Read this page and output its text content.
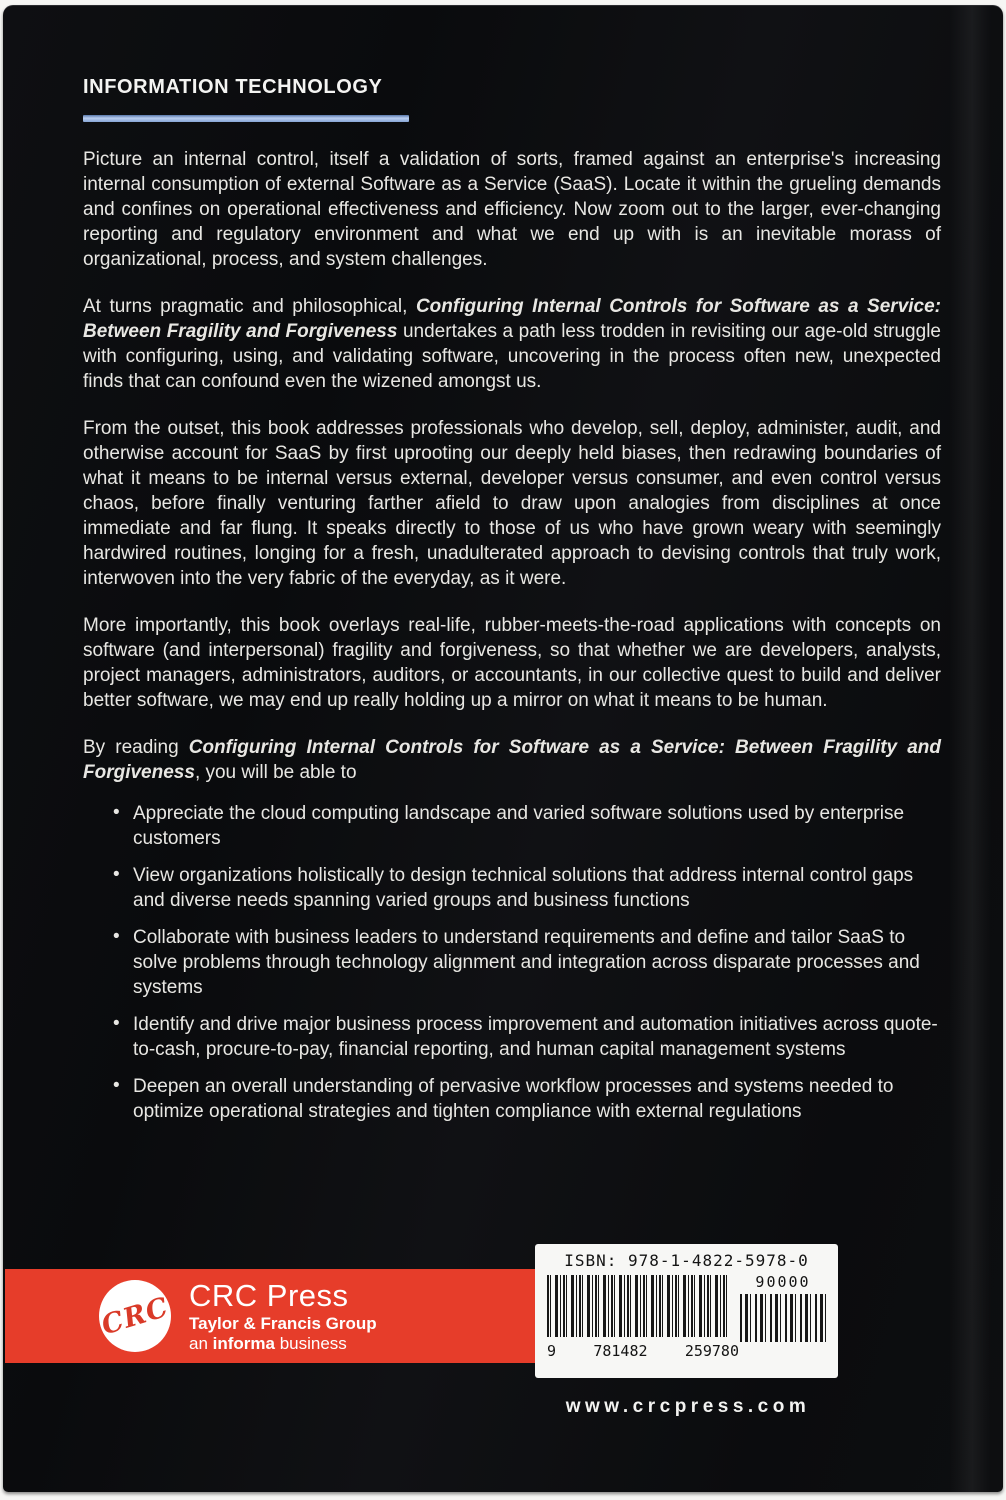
INFORMATION TECHNOLOGY

Picture an internal control, itself a validation of sorts, framed against an enterprise's increasing internal consumption of external Software as a Service (SaaS). Locate it within the grueling demands and confines on operational effectiveness and efficiency. Now zoom out to the larger, ever-changing reporting and regulatory environment and what we end up with is an inevitable morass of organizational, process, and system challenges.

At turns pragmatic and philosophical, Configuring Internal Controls for Software as a Service: Between Fragility and Forgiveness undertakes a path less trodden in revisiting our age-old struggle with configuring, using, and validating software, uncovering in the process often new, unexpected finds that can confound even the wizened amongst us.

From the outset, this book addresses professionals who develop, sell, deploy, administer, audit, and otherwise account for SaaS by first uprooting our deeply held biases, then redrawing boundaries of what it means to be internal versus external, developer versus consumer, and even control versus chaos, before finally venturing farther afield to draw upon analogies from disciplines at once immediate and far flung. It speaks directly to those of us who have grown weary with seemingly hardwired routines, longing for a fresh, unadulterated approach to devising controls that truly work, interwoven into the very fabric of the everyday, as it were.

More importantly, this book overlays real-life, rubber-meets-the-road applications with concepts on software (and interpersonal) fragility and forgiveness, so that whether we are developers, analysts, project managers, administrators, auditors, or accountants, in our collective quest to build and deliver better software, we may end up really holding up a mirror on what it means to be human.

By reading Configuring Internal Controls for Software as a Service: Between Fragility and Forgiveness, you will be able to

• Appreciate the cloud computing landscape and varied software solutions used by enterprise customers
• View organizations holistically to design technical solutions that address internal control gaps and diverse needs spanning varied groups and business functions
• Collaborate with business leaders to understand requirements and define and tailor SaaS to solve problems through technology alignment and integration across disparate processes and systems
• Identify and drive major business process improvement and automation initiatives across quote-to-cash, procure-to-pay, financial reporting, and human capital management systems
• Deepen an overall understanding of pervasive workflow processes and systems needed to optimize operational strategies and tighten compliance with external regulations
CRC CRC Press
Taylor & Francis Group
an informa business
ISBN: 978-1-4822-5978-0
90000
9 781482 259780
www.crcpress.com
